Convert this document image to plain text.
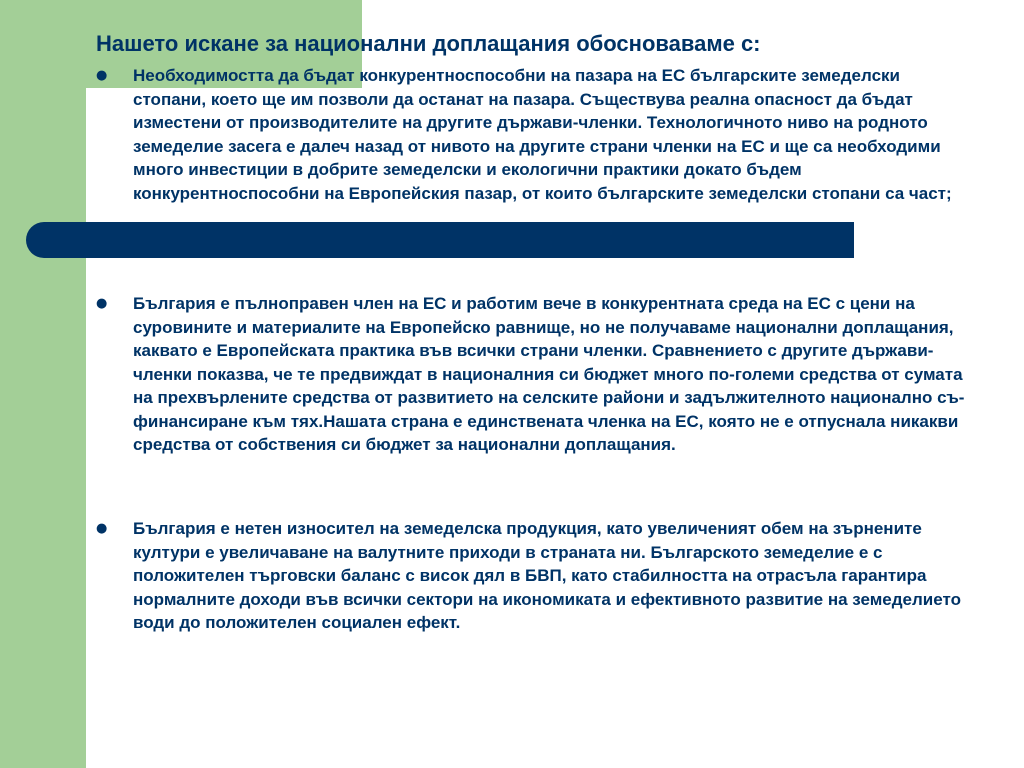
Нашето искане за национални доплащания обосноваваме с:
● Необходимостта да бъдат конкурентноспособни на пазара на ЕС българските земеделски стопани, което ще им позволи да останат на пазара. Съществува реална опасност да бъдат изместени от производителите на другите държави-членки. Технологичното ниво на родното земеделие засега е далеч назад от нивото на другите страни членки на ЕС и ще са необходими много инвестиции в добрите земеделски и екологични практики докато бъдем конкурентноспособни на Европейския пазар, от които българските земеделски стопани са част;
● България е пълноправен член на ЕС и работим вече в конкурентната среда на ЕС с цени на суровините и материалите на Европейско равнище, но не получаваме национални доплащания, каквато е Европейската практика във всички страни членки. Сравнението с другите държави-членки показва, че те предвиждат в националния си бюджет много по-големи средства от сумата на прехвърлените средства от развитието на селските райони и задължителното национално съ-финансиране към тях.Нашата страна е единствената членка на ЕС, която не е отпуснала никакви средства от собствения си бюджет за национални доплащания.
● България е нетен износител на земеделска продукция, като увеличеният обем на зърнените култури е увеличаване на валутните приходи в страната ни. Българското земеделие е с положителен търговски баланс с висок дял в БВП, като стабилността на отрасъла гарантира нормалните доходи във всички сектори на икономиката и ефективното развитие на земеделието води до положителен социален ефект.
